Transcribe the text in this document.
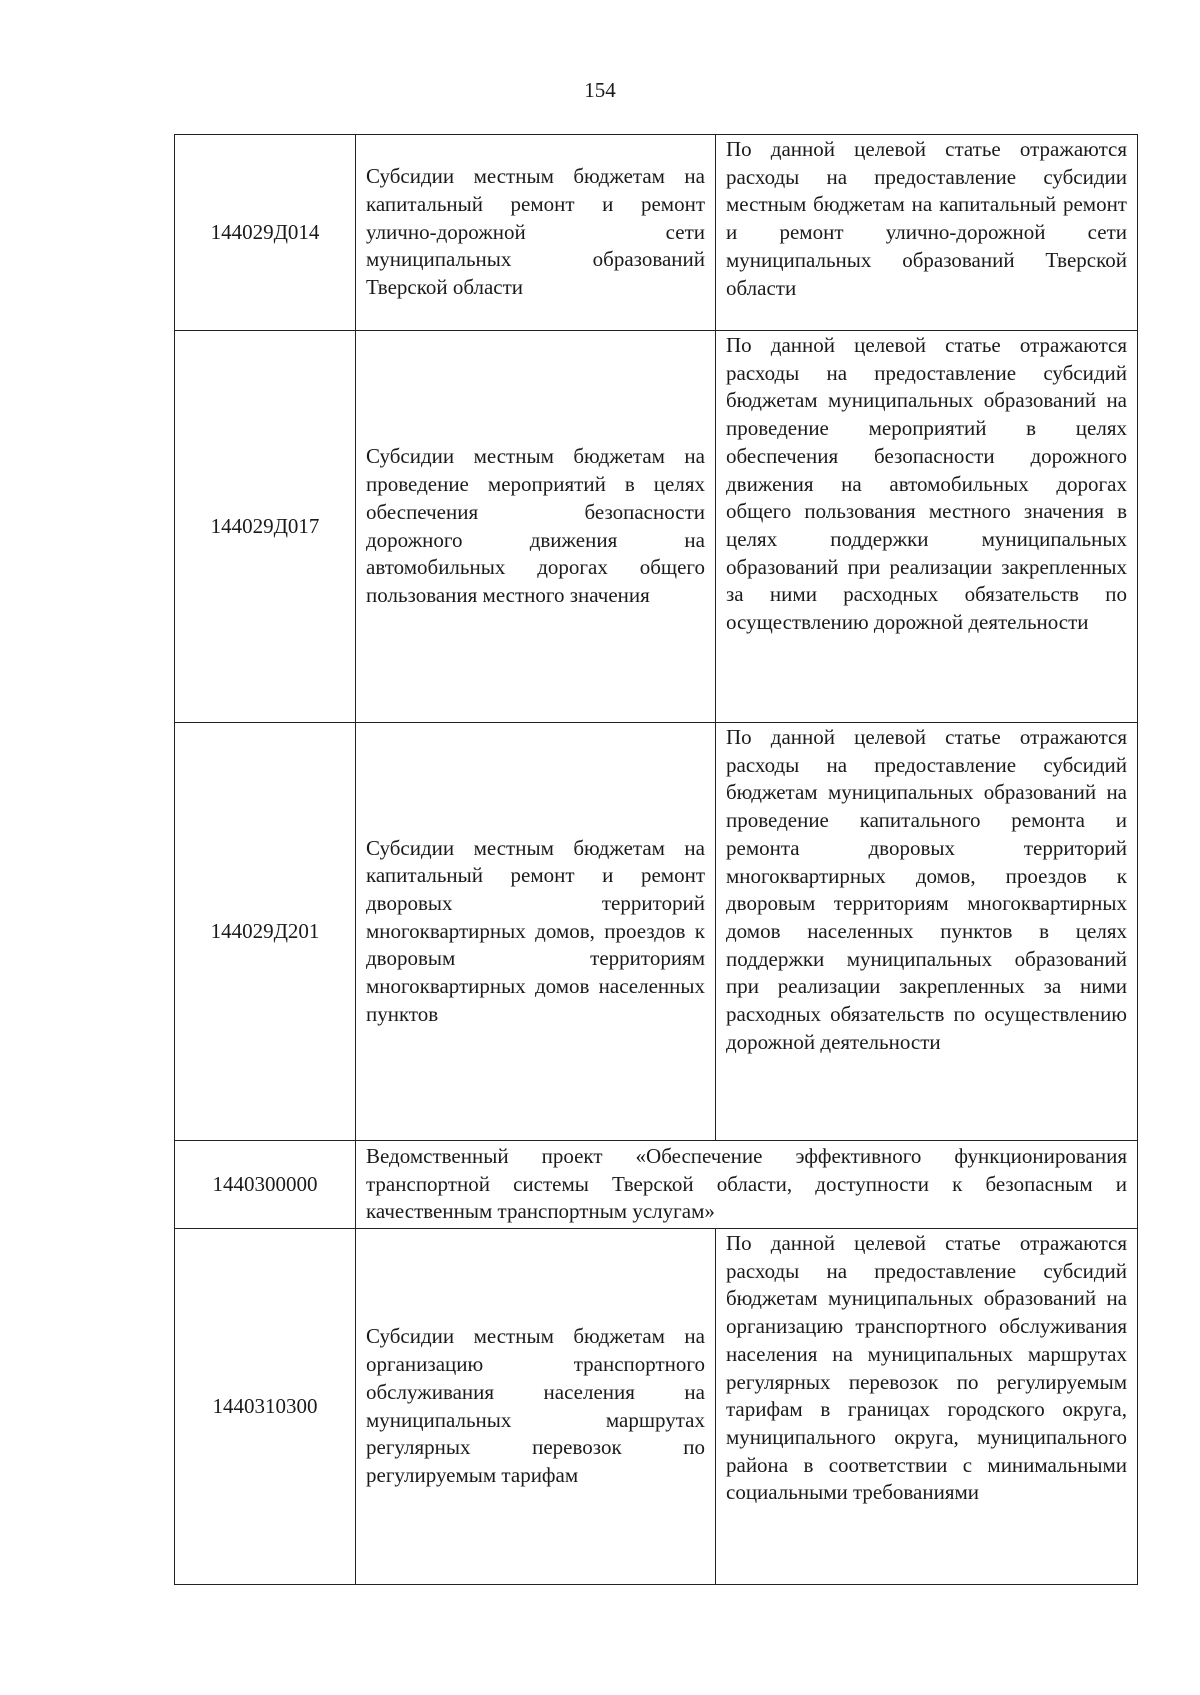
154
144029Д014	Субсидии местным бюджетам на капитальный ремонт и ремонт улично-дорожной сети муниципальных образований Тверской области	По данной целевой статье отражаются расходы на предоставление субсидии местным бюджетам на капитальный ремонт и ремонт улично-дорожной сети муниципальных образований Тверской области
144029Д017	Субсидии местным бюджетам на проведение мероприятий в целях обеспечения безопасности дорожного движения на автомобильных дорогах общего пользования местного значения	По данной целевой статье отражаются расходы на предоставление субсидий бюджетам муниципальных образований на проведение мероприятий в целях обеспечения безопасности дорожного движения на автомобильных дорогах общего пользования местного значения в целях поддержки муниципальных образований при реализации закрепленных за ними расходных обязательств по осуществлению дорожной деятельности
144029Д201	Субсидии местным бюджетам на капитальный ремонт и ремонт дворовых территорий многоквартирных домов, проездов к дворовым территориям многоквартирных домов населенных пунктов	По данной целевой статье отражаются расходы на предоставление субсидий бюджетам муниципальных образований на проведение капитального ремонта и ремонта дворовых территорий многоквартирных домов, проездов к дворовым территориям многоквартирных домов населенных пунктов в целях поддержки муниципальных образований при реализации закрепленных за ними расходных обязательств по осуществлению дорожной деятельности
1440300000	Ведомственный проект «Обеспечение эффективного функционирования транспортной системы Тверской области, доступности к безопасным и качественным транспортным услугам»	
1440310300	Субсидии местным бюджетам на организацию транспортного обслуживания населения на муниципальных маршрутах регулярных перевозок по регулируемым тарифам	По данной целевой статье отражаются расходы на предоставление субсидий бюджетам муниципальных образований на организацию транспортного обслуживания населения на муниципальных маршрутах регулярных перевозок по регулируемым тарифам в границах городского округа, муниципального округа, муниципального района в соответствии с минимальными социальными требованиями
